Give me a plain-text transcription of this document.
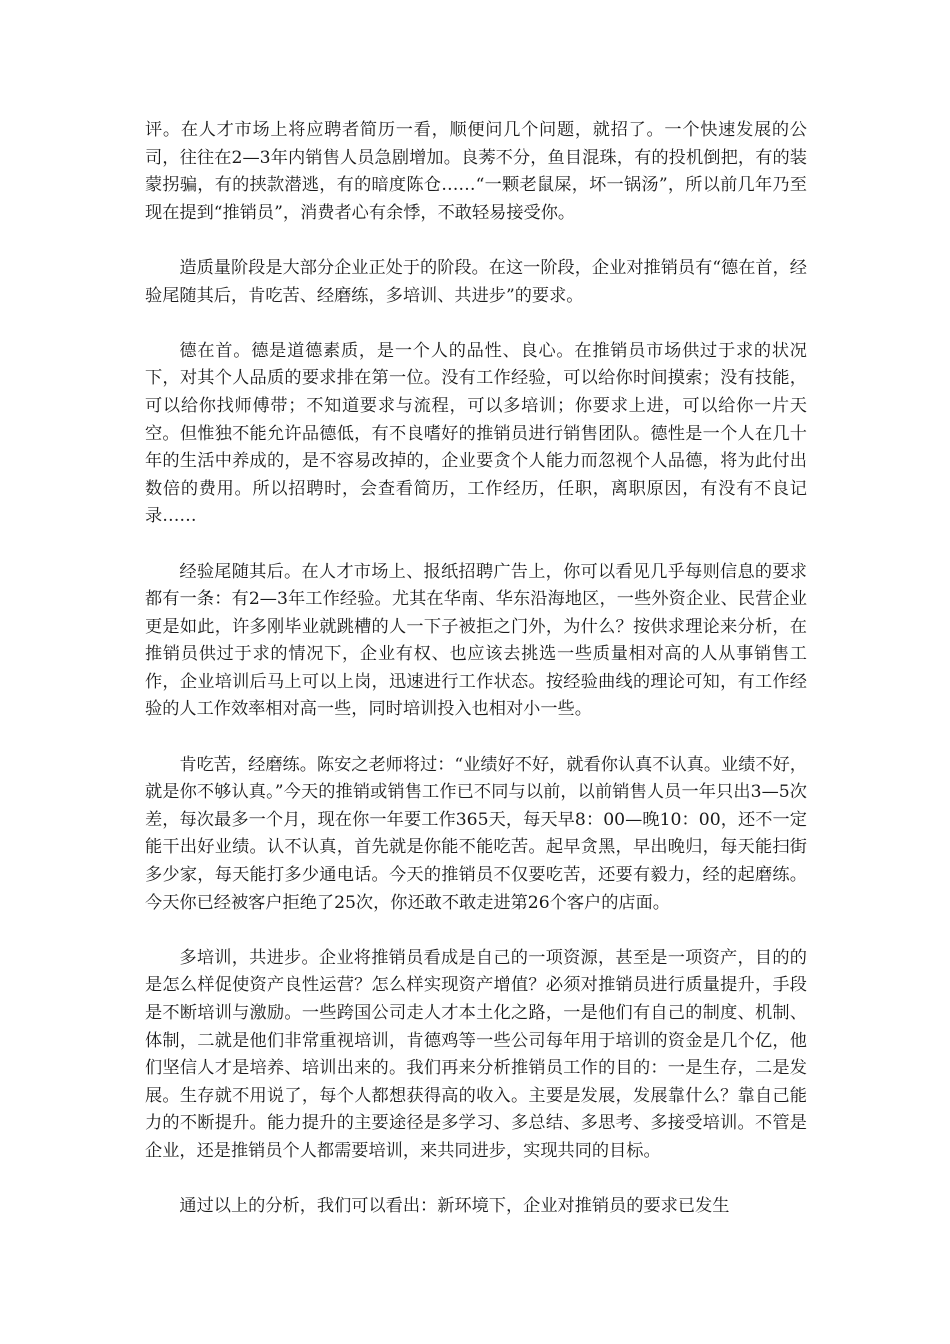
评。在人才市场上将应聘者简历一看，顺便问几个问题，就招了。一个快速发展的公司，往往在2—3年内销售人员急剧增加。良莠不分，鱼目混珠，有的投机倒把，有的装蒙拐骗，有的挟款潜逃，有的暗度陈仓……“一颗老鼠屎，坏一锅汤”，所以前几年乃至现在提到“推销员”，消费者心有余悸，不敢轻易接受你。

造质量阶段是大部分企业正处于的阶段。在这一阶段，企业对推销员有“德在首，经验尾随其后，肯吃苦、经磨练，多培训、共进步”的要求。

德在首。德是道德素质，是一个人的品性、良心。在推销员市场供过于求的状况下，对其个人品质的要求排在第一位。没有工作经验，可以给你时间摸索；没有技能，可以给你找师傅带；不知道要求与流程，可以多培训；你要求上进，可以给你一片天空。但惟独不能允许品德低，有不良嗜好的推销员进行销售团队。德性是一个人在几十年的生活中养成的，是不容易改掉的，企业要贪个人能力而忽视个人品德，将为此付出数倍的费用。所以招聘时，会查看简历，工作经历，任职，离职原因，有没有不良记录……

经验尾随其后。在人才市场上、报纸招聘广告上，你可以看见几乎每则信息的要求都有一条：有2—3年工作经验。尤其在华南、华东沿海地区，一些外资企业、民营企业更是如此，许多刚毕业就跳槽的人一下子被拒之门外，为什么？按供求理论来分析，在推销员供过于求的情况下，企业有权、也应该去挑选一些质量相对高的人从事销售工作，企业培训后马上可以上岗，迅速进行工作状态。按经验曲线的理论可知，有工作经验的人工作效率相对高一些，同时培训投入也相对小一些。

肯吃苦，经磨练。陈安之老师将过：“业绩好不好，就看你认真不认真。业绩不好，就是你不够认真。”今天的推销或销售工作已不同与以前，以前销售人员一年只出3—5次差，每次最多一个月，现在你一年要工作365天，每天早8：00—晚10：00，还不一定能干出好业绩。认不认真，首先就是你能不能吃苦。起早贪黑，早出晚归，每天能扫街多少家，每天能打多少通电话。今天的推销员不仅要吃苦，还要有毅力，经的起磨练。今天你已经被客户拒绝了25次，你还敢不敢走进第26个客户的店面。

多培训，共进步。企业将推销员看成是自己的一项资源，甚至是一项资产，目的的是怎么样促使资产良性运营？怎么样实现资产增值？必须对推销员进行质量提升，手段是不断培训与激励。一些跨国公司走人才本土化之路，一是他们有自己的制度、机制、体制，二就是他们非常重视培训，肯德鸡等一些公司每年用于培训的资金是几个亿，他们坚信人才是培养、培训出来的。我们再来分析推销员工作的目的：一是生存，二是发展。生存就不用说了，每个人都想获得高的收入。主要是发展，发展靠什么？靠自己能力的不断提升。能力提升的主要途径是多学习、多总结、多思考、多接受培训。不管是企业，还是推销员个人都需要培训，来共同进步，实现共同的目标。

通过以上的分析，我们可以看出：新环境下，企业对推销员的要求已发生
